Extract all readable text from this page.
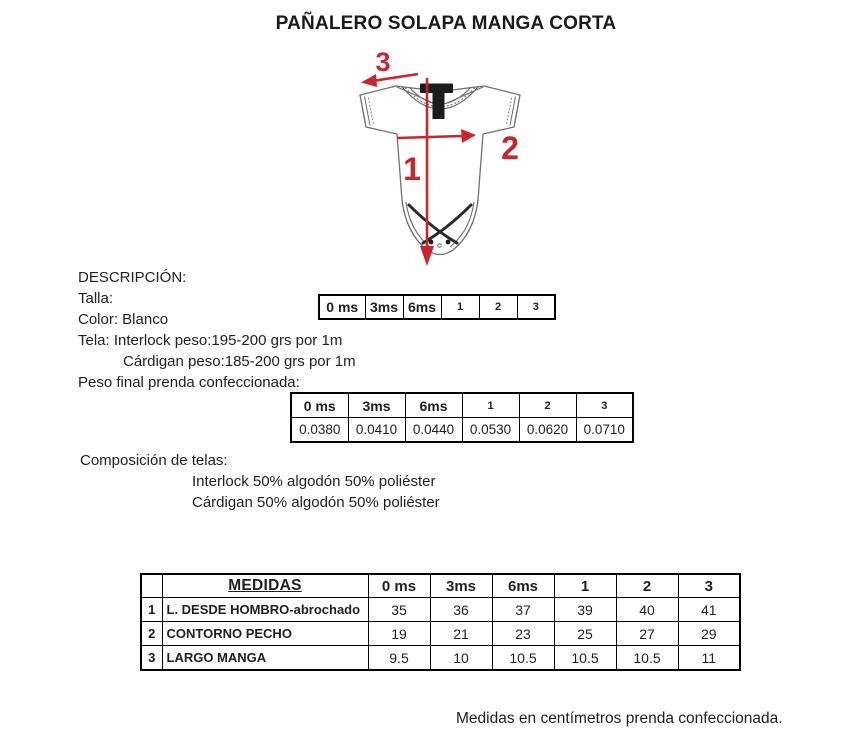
PAÑALERO SOLAPA MANGA CORTA
1
2
3
DESCRIPCIÓN:
Talla:
Color: Blanco
Tela: Interlock peso:195-200 grs por 1m
Cárdigan peso:185-200 grs por 1m
Peso final prenda confeccionada:
0 ms	3ms	6ms	1	2	3
0 ms	3ms	6ms	1	2	3
0.0380	0.0410	0.0440	0.0530	0.0620	0.0710
Composición de telas:
Interlock 50% algodón 50% poliéster
Cárdigan 50% algodón 50% poliéster
	MEDIDAS	0 ms	3ms	6ms	1	2	3
1	L. DESDE HOMBRO-abrochado	35	36	37	39	40	41
2	CONTORNO PECHO	19	21	23	25	27	29
3	LARGO MANGA	9.5	10	10.5	10.5	10.5	11
Medidas en centímetros prenda confeccionada.
